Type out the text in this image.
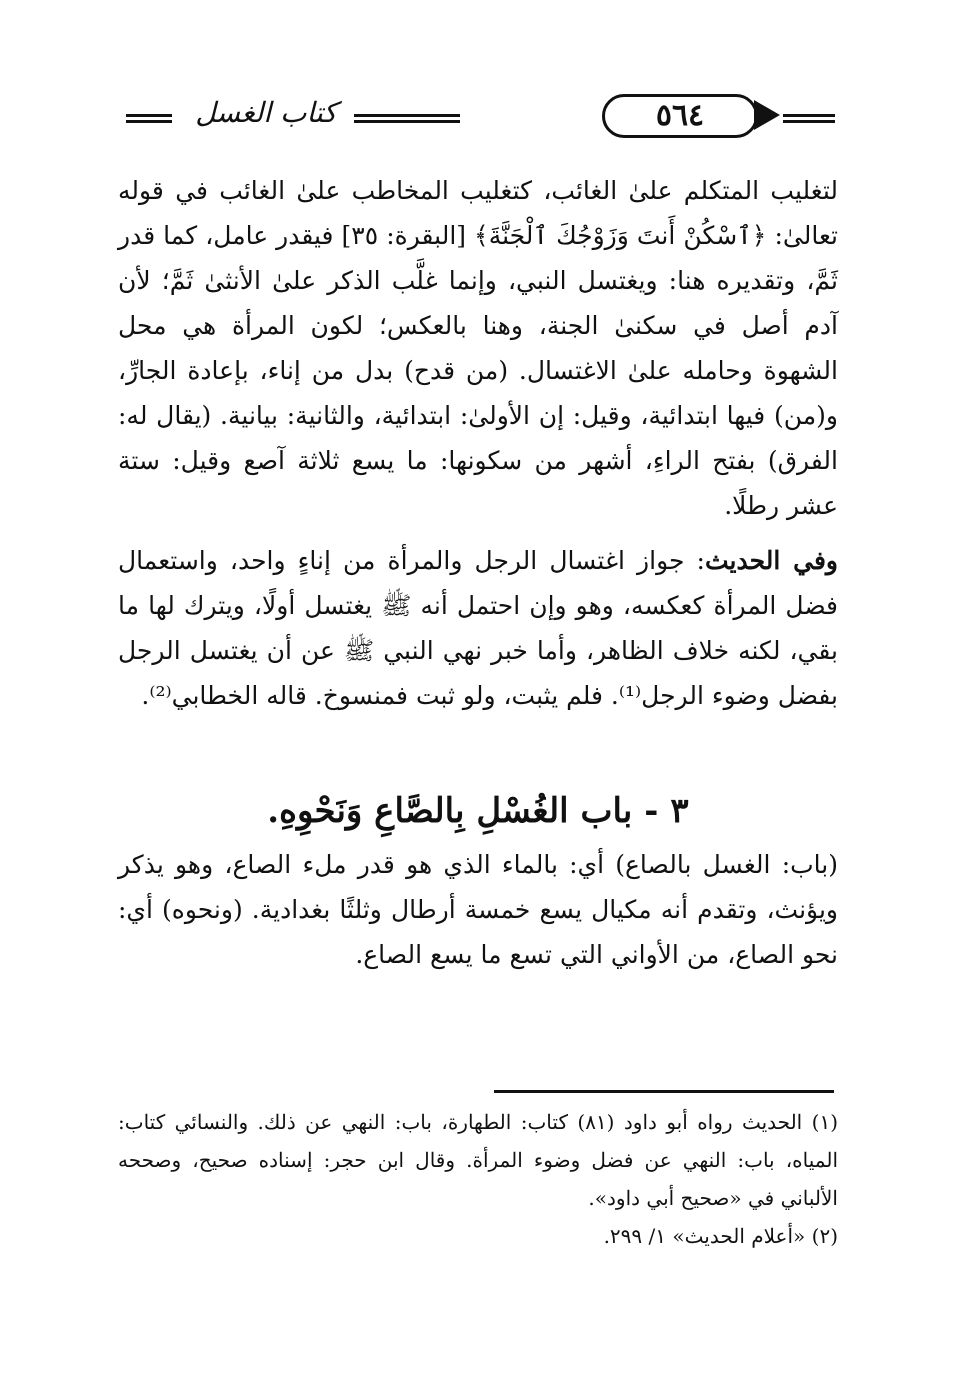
كتاب الغسل	٥٦٤

لتغليب المتكلم علىٰ الغائب، كتغليب المخاطب علىٰ الغائب في قوله تعالىٰ: ﴿ٱسْكُنْ أَنتَ وَزَوْجُكَ ٱلْجَنَّةَ﴾ [البقرة: ٣٥] فيقدر عامل، كما قدر ثَمَّ، وتقديره هنا: ويغتسل النبي، وإنما غلَّب الذكر علىٰ الأنثىٰ ثَمَّ؛ لأن آدم أصل في سكنىٰ الجنة، وهنا بالعكس؛ لكون المرأة هي محل الشهوة وحامله علىٰ الاغتسال. (من قدح) بدل من إناء، بإعادة الجارِّ، و(من) فيها ابتدائية، وقيل: إن الأولىٰ: ابتدائية، والثانية: بيانية. (يقال له: الفرق) بفتح الراءِ، أشهر من سكونها: ما يسع ثلاثة آصع وقيل: ستة عشر رطلًا.

وفي الحديث: جواز اغتسال الرجل والمرأة من إناءٍ واحد، واستعمال فضل المرأة كعكسه، وهو وإن احتمل أنه ﷺ يغتسل أولًا، ويترك لها ما بقي، لكنه خلاف الظاهر، وأما خبر نهي النبي ﷺ عن أن يغتسل الرجل بفضل وضوء الرجل⁽¹⁾. فلم يثبت، ولو ثبت فمنسوخ. قاله الخطابي⁽²⁾.

٣-باب الغُسْلِ بِالصَّاعِ وَنَحْوِهِ.

(باب: الغسل بالصاع) أي: بالماء الذي هو قدر ملء الصاع، وهو يذكر ويؤنث، وتقدم أنه مكيال يسع خمسة أرطال وثلثًا بغدادية. (ونحوه) أي: نحو الصاع، من الأواني التي تسع ما يسع الصاع.

(١) الحديث رواه أبو داود (٨١) كتاب: الطهارة، باب: النهي عن ذلك. والنسائي كتاب: المياه، باب: النهي عن فضل وضوء المرأة. وقال ابن حجر: إسناده صحيح، وصححه الألباني في «صحيح أبي داود».

(٢) «أعلام الحديث» ١/ ٢٩٩.
